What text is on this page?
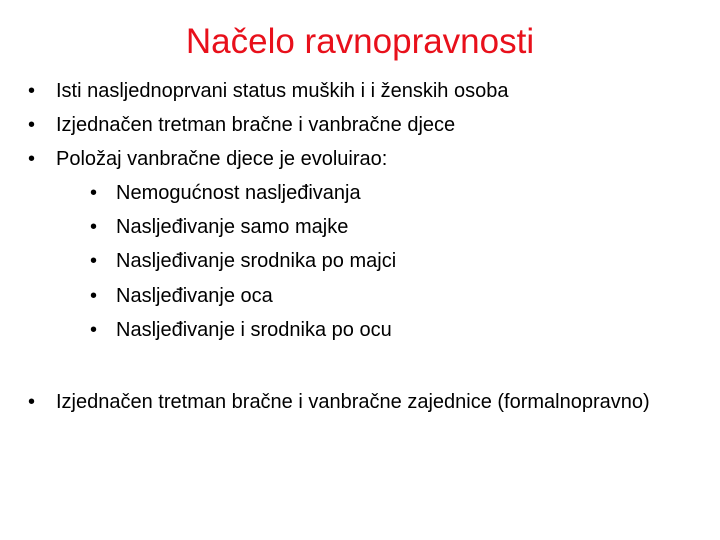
Načelo ravnopravnosti
• Isti nasljednoprvani status muških i i ženskih osoba
• Izjednačen tretman bračne i vanbračne djece
• Položaj vanbračne djece je evoluirao:
• Nemogućnost nasljeđivanja
• Nasljeđivanje samo majke
• Nasljeđivanje srodnika po majci
• Nasljeđivanje oca
• Nasljeđivanje i srodnika po ocu
• Izjednačen tretman bračne i vanbračne zajednice (formalnopravno)
